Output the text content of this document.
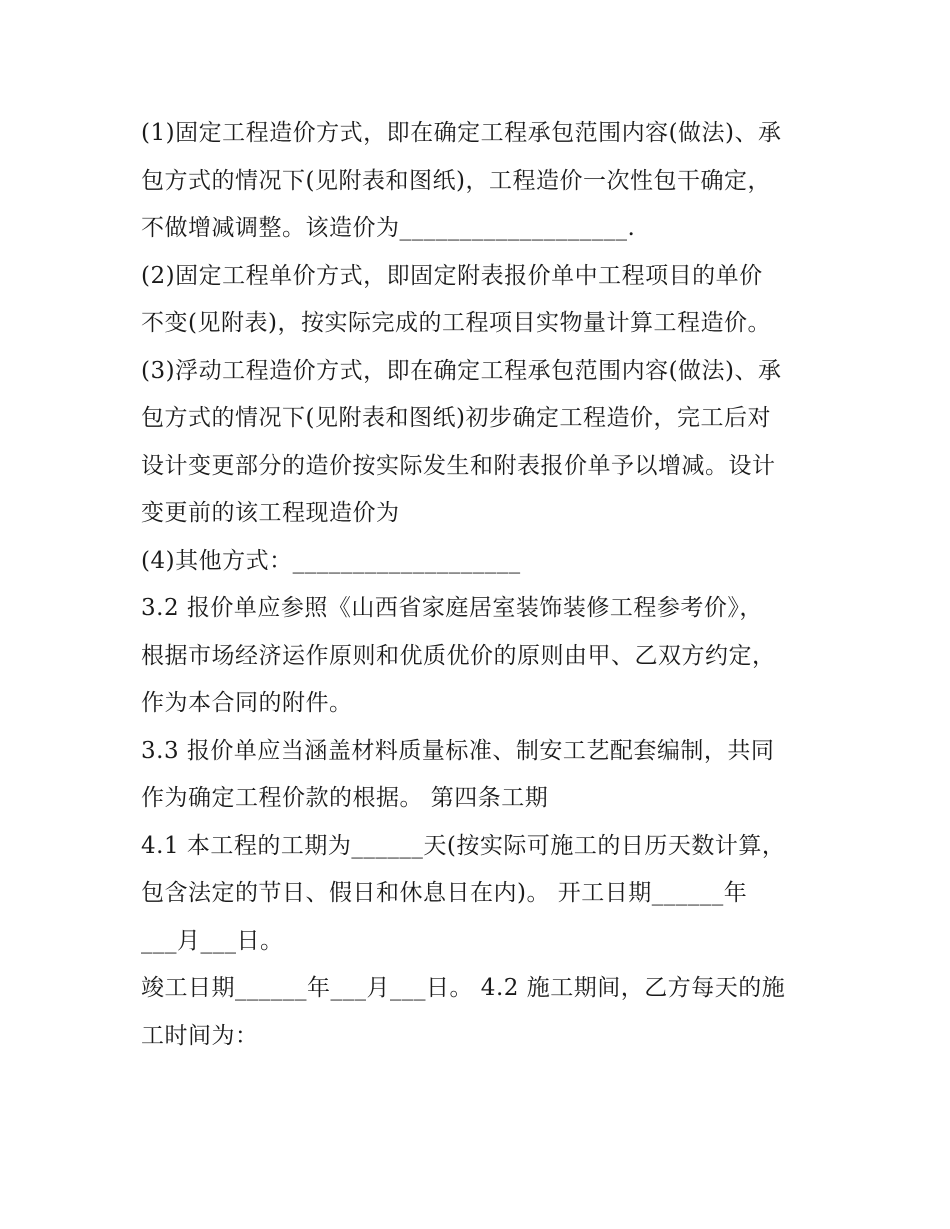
(1)固定工程造价方式，即在确定工程承包范围内容(做法)、承
包方式的情况下(见附表和图纸)，工程造价一次性包干确定，
不做增减调整。该造价为___________________.
(2)固定工程单价方式，即固定附表报价单中工程项目的单价
不变(见附表)，按实际完成的工程项目实物量计算工程造价。
(3)浮动工程造价方式，即在确定工程承包范围内容(做法)、承
包方式的情况下(见附表和图纸)初步确定工程造价，完工后对
设计变更部分的造价按实际发生和附表报价单予以增减。设计
变更前的该工程现造价为
(4)其他方式：___________________
3.2 报价单应参照《山西省家庭居室装饰装修工程参考价》，
根据市场经济运作原则和优质优价的原则由甲、乙双方约定，
作为本合同的附件。
3.3 报价单应当涵盖材料质量标准、制安工艺配套编制，共同
作为确定工程价款的根据。 第四条工期
4.1 本工程的工期为______天(按实际可施工的日历天数计算，
包含法定的节日、假日和休息日在内)。 开工日期______年
___月___日。
竣工日期______年___月___日。 4.2 施工期间，乙方每天的施
工时间为：
